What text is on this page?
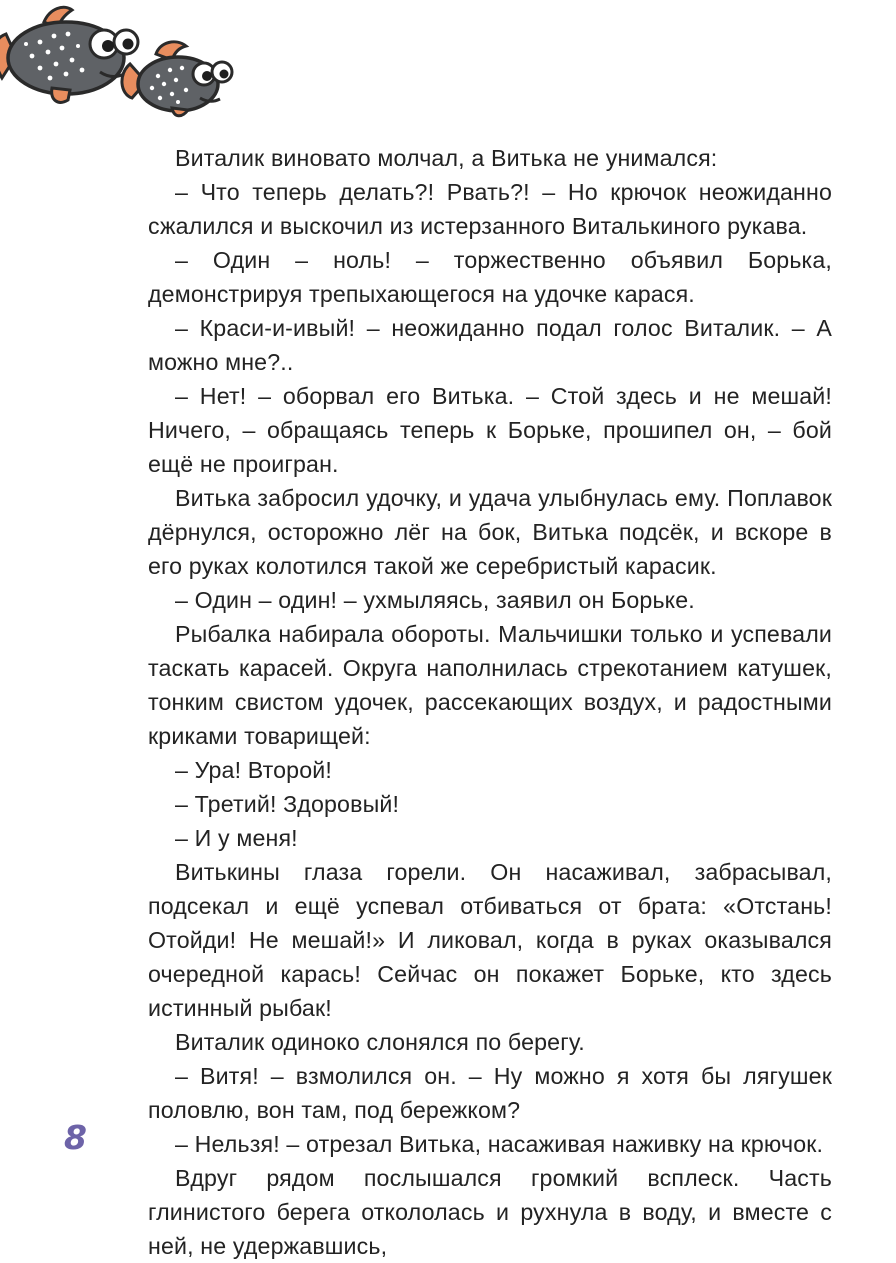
Виталик виновато молчал, а Витька не унимался:

– Что теперь делать?! Рвать?! – Но крючок неожиданно сжалился и выскочил из истерзанного Виталькиного рукава.

– Один – ноль! – торжественно объявил Борька, демонстрируя трепыхающегося на удочке карася.

– Краси-и-ивый! – неожиданно подал голос Виталик. – А можно мне?..

– Нет! – оборвал его Витька. – Стой здесь и не мешай! Ничего, – обращаясь теперь к Борьке, прошипел он, – бой ещё не проигран.

Витька забросил удочку, и удача улыбнулась ему. Поплавок дёрнулся, осторожно лёг на бок, Витька подсёк, и вскоре в его руках колотился такой же серебристый карасик.

– Один – один! – ухмыляясь, заявил он Борьке.

Рыбалка набирала обороты. Мальчишки только и успевали таскать карасей. Округа наполнилась стрекотанием катушек, тонким свистом удочек, рассекающих воздух, и радостными криками товарищей:

– Ура! Второй!

– Третий! Здоровый!

– И у меня!

Витькины глаза горели. Он насаживал, забрасывал, подсекал и ещё успевал отбиваться от брата: «Отстань! Отойди! Не мешай!» И ликовал, когда в руках оказывался очередной карась! Сейчас он покажет Борьке, кто здесь истинный рыбак!

Виталик одиноко слонялся по берегу.

– Витя! – взмолился он. – Ну можно я хотя бы лягушек половлю, вон там, под бережком?

– Нельзя! – отрезал Витька, насаживая наживку на крючок.

Вдруг рядом послышался громкий всплеск. Часть глинистого берега откололась и рухнула в воду, и вместе с ней, не удержавшись,

8
